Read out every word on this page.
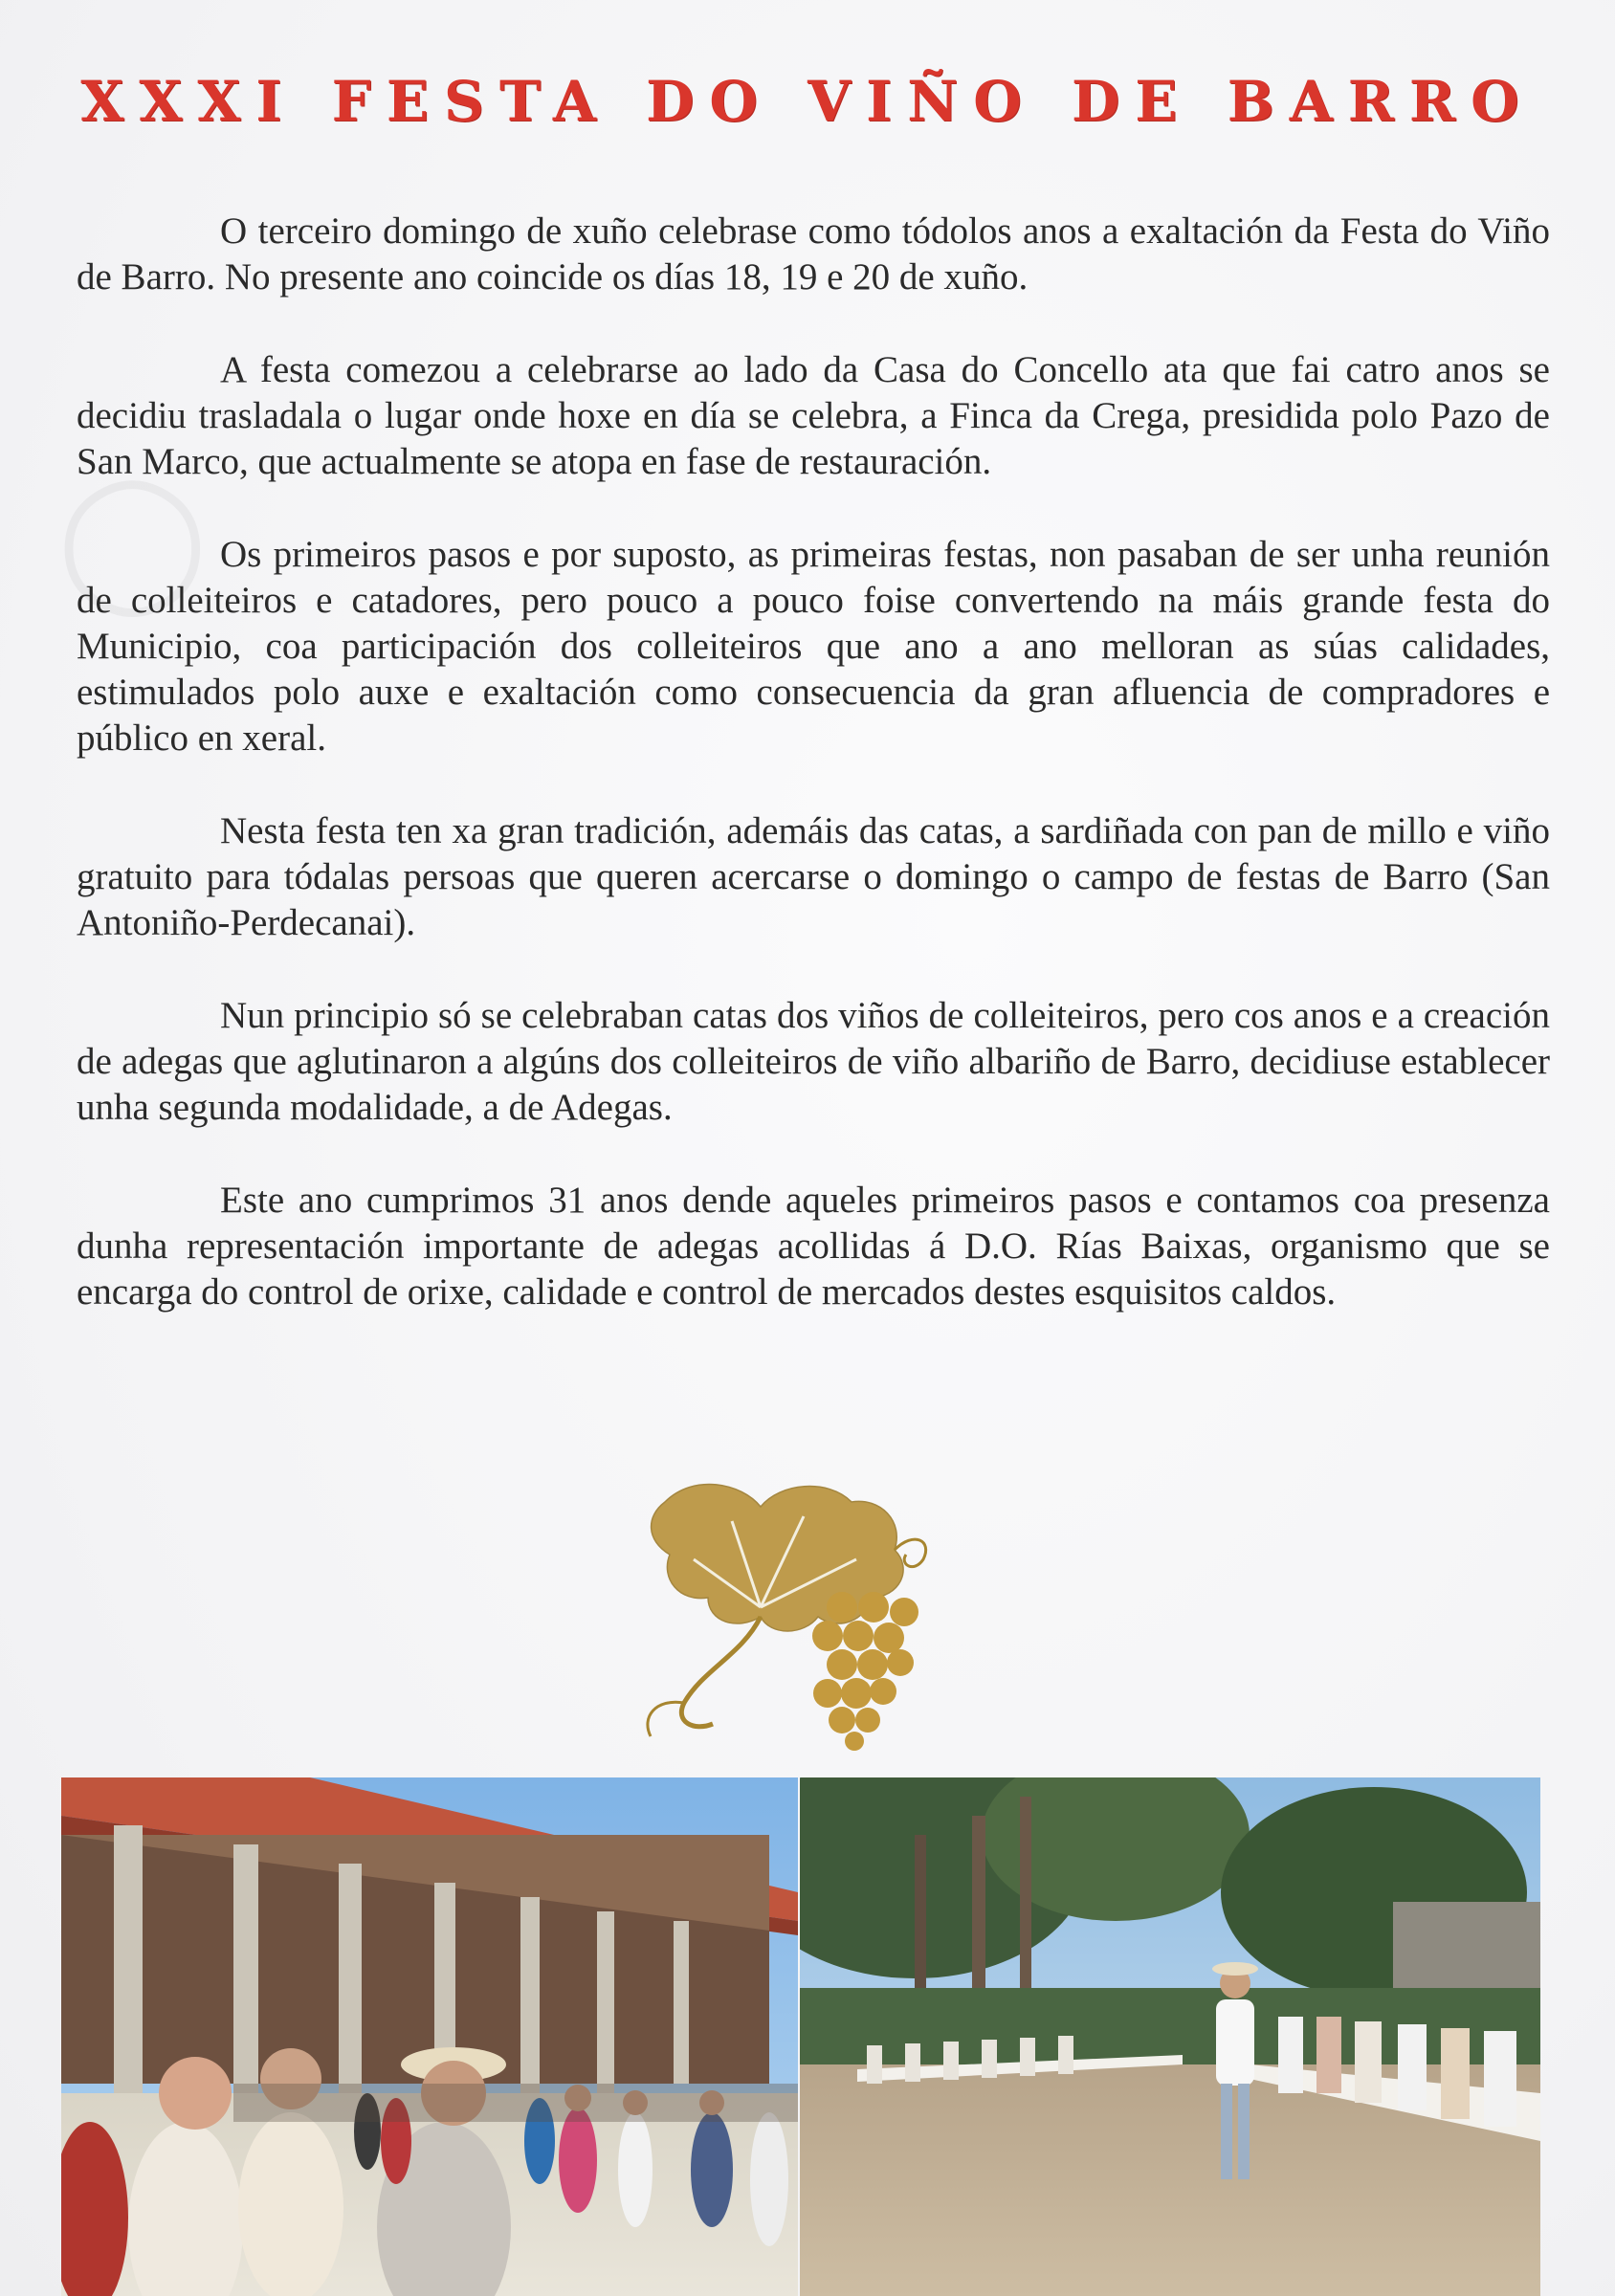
◯
XXXI FESTA DO VIÑO DE BARRO

O terceiro domingo de xuño celebrase como tódolos anos a exaltación da Festa do Viño de Barro. No presente ano coincide os días 18, 19 e 20 de xuño.

A festa comezou a celebrarse ao lado da Casa do Concello ata que fai catro anos se decidiu trasladala o lugar onde hoxe en día se celebra, a Finca da Crega, presidida polo Pazo de San Marco, que actualmente se atopa en fase de restauración.

Os primeiros pasos e por suposto, as primeiras festas, non pasaban de ser unha reunión de colleiteiros e catadores, pero pouco a pouco foise convertendo na máis grande festa do Municipio, coa participación dos colleiteiros que ano a ano melloran as súas calidades, estimulados polo auxe e exaltación como consecuencia da gran afluencia de compradores e público en xeral.

Nesta festa ten xa gran tradición, ademáis das catas, a sardiñada con pan de millo e viño gratuito para tódalas persoas que queren acercarse o domingo o campo de festas de Barro (San Antoniño-Perdecanai).

Nun principio só se celebraban catas dos viños de colleiteiros, pero cos anos e a creación de adegas que aglutinaron a algúns dos colleiteiros de viño albariño de Barro, decidiuse establecer unha segunda modalidade, a de Adegas.

Este ano cumprimos 31 anos dende aqueles primeiros pasos e contamos coa presenza dunha representación importante de adegas acollidas á D.O. Rías Baixas, organismo que se encarga do control de orixe, calidade e control de mercados destes esquisitos caldos.
